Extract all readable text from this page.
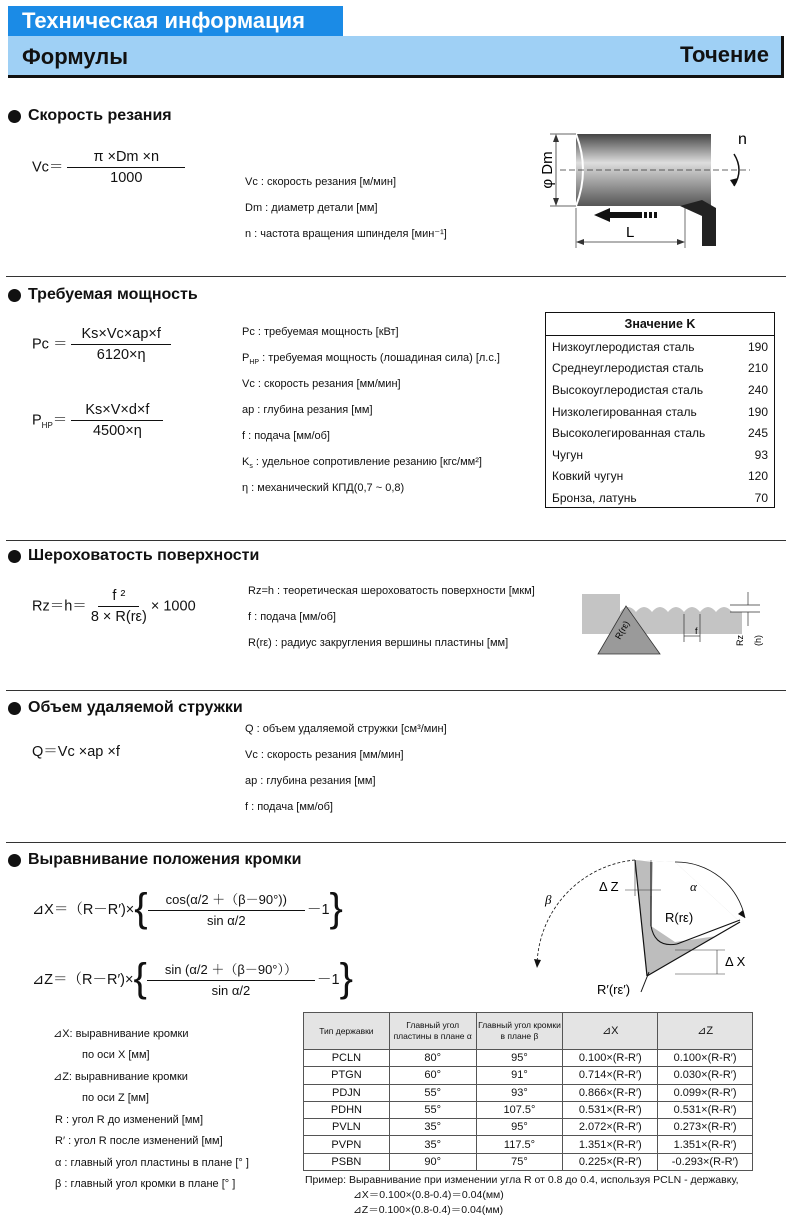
Техническая информация
Формулы	Точение
Скорость резания
$Vc= \frac{\pi \times Dm \times n}{1000}$	Vc : скорость резания [м/мин]
Dm : диаметр детали [мм]
n : частота вращения шпинделя [мин⁻¹]
φ Dm
n
L
Требуемая мощность
$Pc = \frac{Ks\times Vc\times ap\times f}{6120\times\eta}$
$P_{HP}= \frac{Ks\times V\times d\times f}{4500\times\eta}$
Pc : требуемая мощность [кВт]
$P_{HP}$ : требуемая мощность (лошадиная сила) [л.с.]
Vc : скорость резания [мм/мин]
ap : глубина резания [мм]
f : подача [мм/об]
$K_s$ : удельное сопротивление резанию [кгс/мм²]
η : механический КПД(0,7 ~ 0,8)
Значение K	
Низкоуглеродистая сталь	190
Среднеуглеродистая сталь	210
Высокоуглеродистая сталь	240
Низколегированная сталь	190
Высоколегированная сталь	245
Чугун	93
Ковкий чугун	120
Бронза, латунь	70
Шероховатость поверхности
$Rz=h= \frac{\text{f ²}}{8 \times R(r\varepsilon)} \times 1000$
Rz=h : теоретическая шероховатость поверхности [мкм]
f : подача [мм/об]
R(rε) : радиус закругления вершины пластины [мм]
R(rε)	f
Rz (h)
Объем удаляемой стружки
Q＝Vc ×ap ×f
Q : объем удаляемой стружки [см³/мин]
Vc : скорость резания [мм/мин]
ap : глубина резания [мм]
f : подача [мм/об]
Выравнивание положения кромки
⊿X＝（R－R′)× { $\frac{\cos(\alpha/2 +(\beta-90^\circ))}{\text{sin α/2}} -1$ }
⊿Z＝（R－R′)× { $\frac{\sin (\alpha/2 +(\beta-90^\circ))}{\text{sin α/2}} -1$ }
⊿X: выравнивание кромки
по оси X [мм]
⊿Z: выравнивание кромки
по оси Z [мм]
R : угол R до изменений [мм]
R′ : угол R после изменений [мм]
α : главный угол пластины в плане [° ]
β : главный угол кромки в плане [° ]
β
Δ Z	α
R(rε)
Δ X
R′(rε′)
Тип державки	Главный угол пластины в плане α	Главный угол кромки в плане β	⊿X	⊿Z
PCLN	80°	95°	0.100×(R-R′)	0.100×(R-R′)
PTGN	60°	91°	0.714×(R-R′)	0.030×(R-R′)
PDJN	55°	93°	0.866×(R-R′)	0.099×(R-R′)
PDHN	55°	107.5°	0.531×(R-R′)	0.531×(R-R′)
PVLN	35°	95°	2.072×(R-R′)	0.273×(R-R′)
PVPN	35°	117.5°	1.351×(R-R′)	1.351×(R-R′)
PSBN	90°	75°	0.225×(R-R′)	-0.293×(R-R′)
Пример: Выравнивание при изменении угла R от 0.8 до 0.4, используя PCLN - державку,
⊿X＝0.100×(0.8-0.4)＝0.04(мм)
⊿Z＝0.100×(0.8-0.4)＝0.04(мм)
